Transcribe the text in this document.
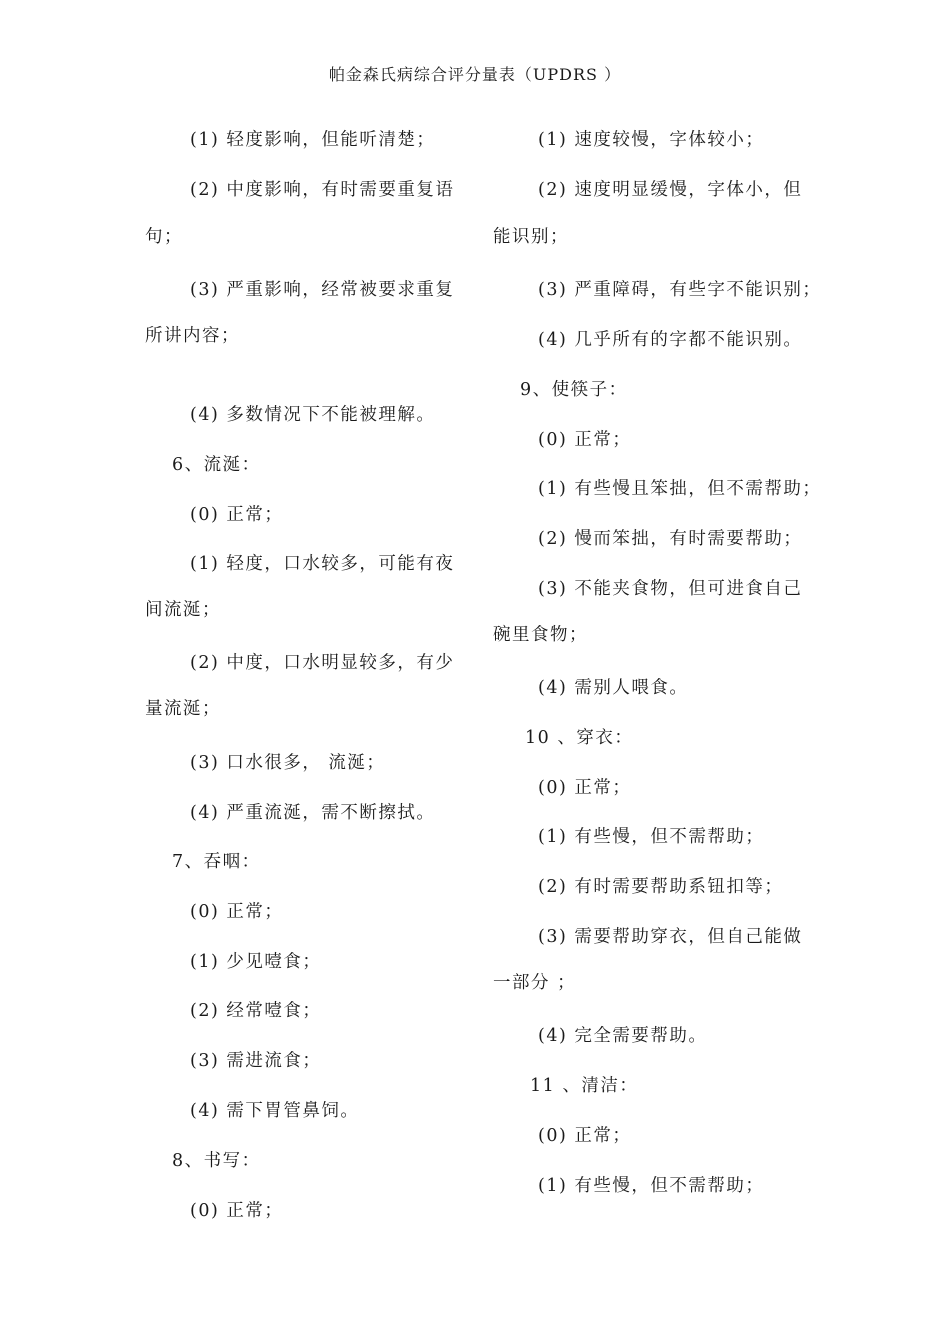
帕金森氏病综合评分量表（UPDRS ）
(1) 轻度影响，但能听清楚；
(2) 中度影响，有时需要重复语
句；
(3) 严重影响，经常被要求重复
所讲内容；
(4) 多数情况下不能被理解。
6、流涎：
(0) 正常；
(1) 轻度，口水较多，可能有夜
间流涎；
(2) 中度，口水明显较多，有少
量流涎；
(3) 口水很多， 流涎；
(4) 严重流涎，需不断擦拭。
7、吞咽：
(0) 正常；
(1) 少见噎食；
(2) 经常噎食；
(3) 需进流食；
(4) 需下胃管鼻饲。
8、书写：
(0) 正常；
(1) 速度较慢，字体较小；
(2) 速度明显缓慢，字体小，但
能识别；
(3) 严重障碍，有些字不能识别；
(4) 几乎所有的字都不能识别。
9、使筷子：
(0) 正常；
(1) 有些慢且笨拙，但不需帮助；
(2) 慢而笨拙，有时需要帮助；
(3) 不能夹食物，但可进食自己
碗里食物；
(4) 需别人喂食。
10 、穿衣：
(0) 正常；
(1) 有些慢，但不需帮助；
(2) 有时需要帮助系钮扣等；
(3) 需要帮助穿衣，但自己能做
一部分 ；
(4) 完全需要帮助。
11 、清洁：
(0) 正常；
(1) 有些慢，但不需帮助；
